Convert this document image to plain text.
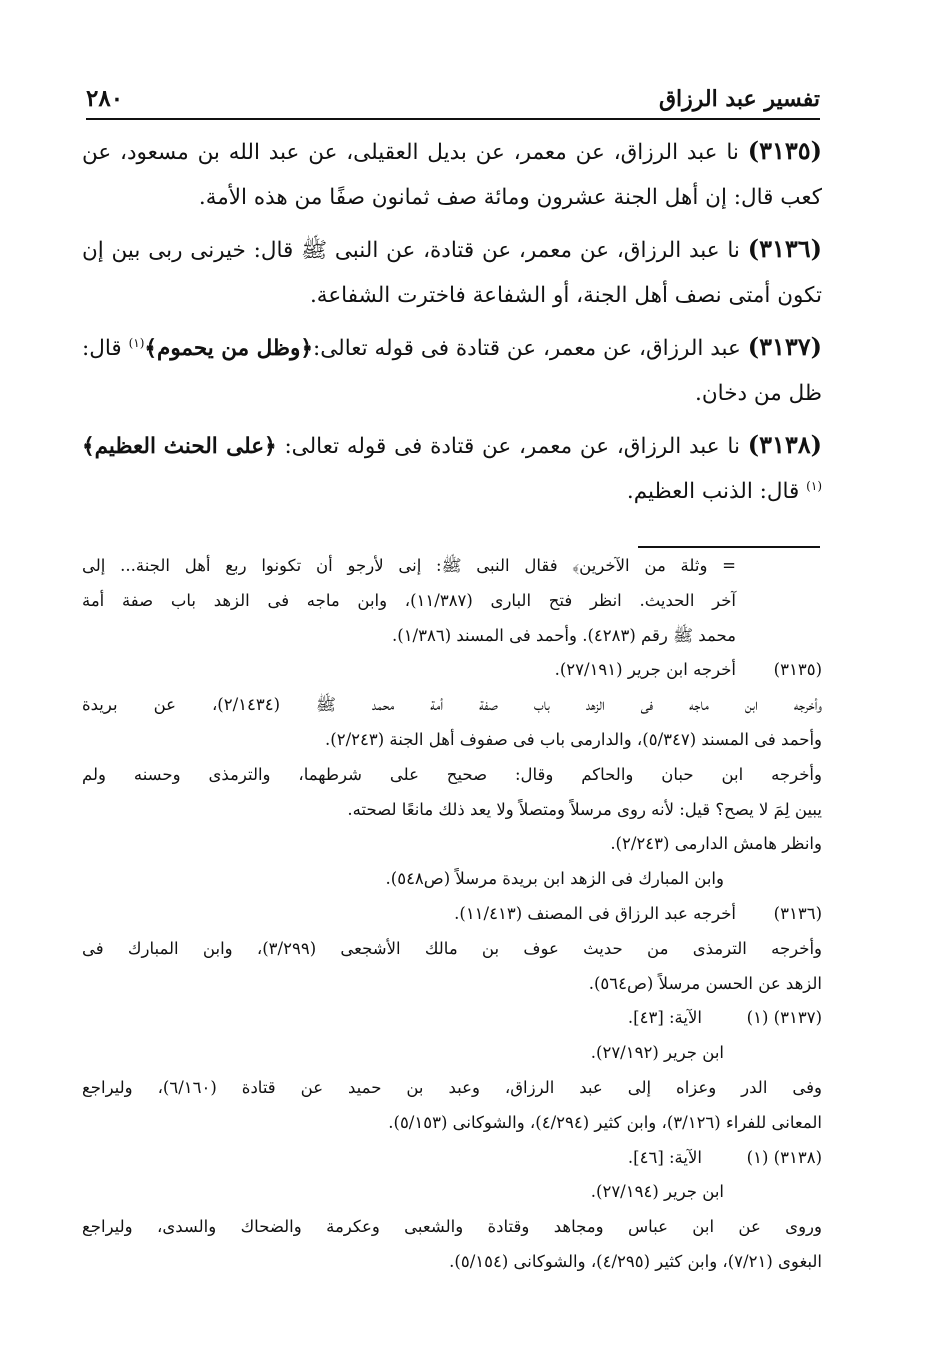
تفسير عبد الرزاق
٢٨٠

(٣١٣٥) نا عبد الرزاق، عن معمر، عن بديل العقيلى، عن عبد الله بن مسعود، عن كعب قال: إن أهل الجنة عشرون ومائة صف ثمانون صفًا من هذه الأمة.

(٣١٣٦) نا عبد الرزاق، عن معمر، عن قتادة، عن النبى ﷺ قال: خيرنى ربى بين إن تكون أمتى نصف أهل الجنة، أو الشفاعة فاخترت الشفاعة.

(٣١٣٧) عبد الرزاق، عن معمر، عن قتادة فى قوله تعالى:﴿وظل من يحموم﴾$^{(١)}$ قال: ظل من دخان.

(٣١٣٨) نا عبد الرزاق، عن معمر، عن قتادة فى قوله تعالى: ﴿على الحنث العظيم﴾$^{(١)}$ قال: الذنب العظيم.

= وثلة من الآخرين﴾ فقال النبى ﷺ: إنى لأرجو أن تكونوا ربع أهل الجنة... إلى
آخر الحديث. انظر فتح البارى (١١/٣٨٧)، وابن ماجه فى الزهد باب صفة أمة
محمد ﷺ رقم (٤٢٨٣). وأحمد فى المسند (١/٣٨٦).
(٣١٣٥)
أخرجه ابن جرير (٢٧/١٩١).
وأخرجه ابن ماجه فى الزهد باب صفة أمة محمد ﷺ (٢/١٤٣٤)، عن بريدة
وأحمد فى المسند (٥/٣٤٧)، والدارمى باب فى صفوف أهل الجنة (٢/٢٤٣).
وأخرجه ابن حبان والحاكم وقال: صحيح على شرطهما، والترمذى وحسنه ولم
يبين لِمَ لا يصح؟ قيل: لأنه روى مرسلاً ومتصلاً ولا يعد ذلك مانعًا لصحته.
وانظر هامش الدارمى (٢/٢٤٣).
وابن المبارك فى الزهد ابن بريدة مرسلاً (ص٥٤٨).
(٣١٣٦)
أخرجه عبد الرزاق فى المصنف (١١/٤١٣).
وأخرجه الترمذى من حديث عوف بن مالك الأشجعى (٣/٢٩٩)، وابن المبارك فى
الزهد عن الحسن مرسلاً (ص٥٦٤).
(٣١٣٧) (١)
الآية: [٤٣].
ابن جرير (٢٧/١٩٢).
وفى الدر وعزاه إلى عبد الرزاق، وعبد بن حميد عن قتادة (٦/١٦٠)، وليراجع
المعانى للفراء (٣/١٢٦)، وابن كثير (٤/٢٩٤)، والشوكانى (٥/١٥٣).
(٣١٣٨) (١)
الآية: [٤٦].
ابن جرير (٢٧/١٩٤).
وروى عن ابن عباس ومجاهد وقتادة والشعبى وعكرمة والضحاك والسدى، وليراجع
البغوى (٧/٢١)، وابن كثير (٤/٢٩٥)، والشوكانى (٥/١٥٤).
